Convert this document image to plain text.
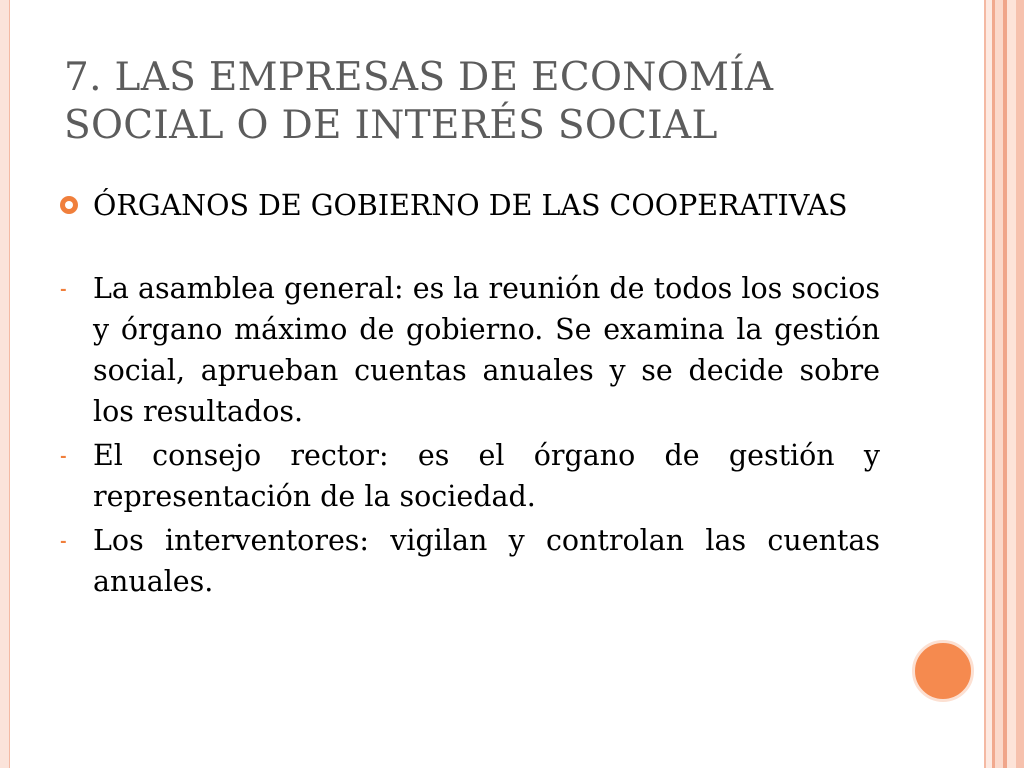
7. LAS EMPRESAS DE ECONOMÍA SOCIAL O DE INTERÉS SOCIAL
ÓRGANOS DE GOBIERNO DE LAS COOPERATIVAS
- La asamblea general: es la reunión de todos los socios y órgano máximo de gobierno. Se examina la gestión social, aprueban cuentas anuales y se decide sobre los resultados.
- El consejo rector: es el órgano de gestión y representación de la sociedad.
- Los interventores: vigilan y controlan las cuentas anuales.
